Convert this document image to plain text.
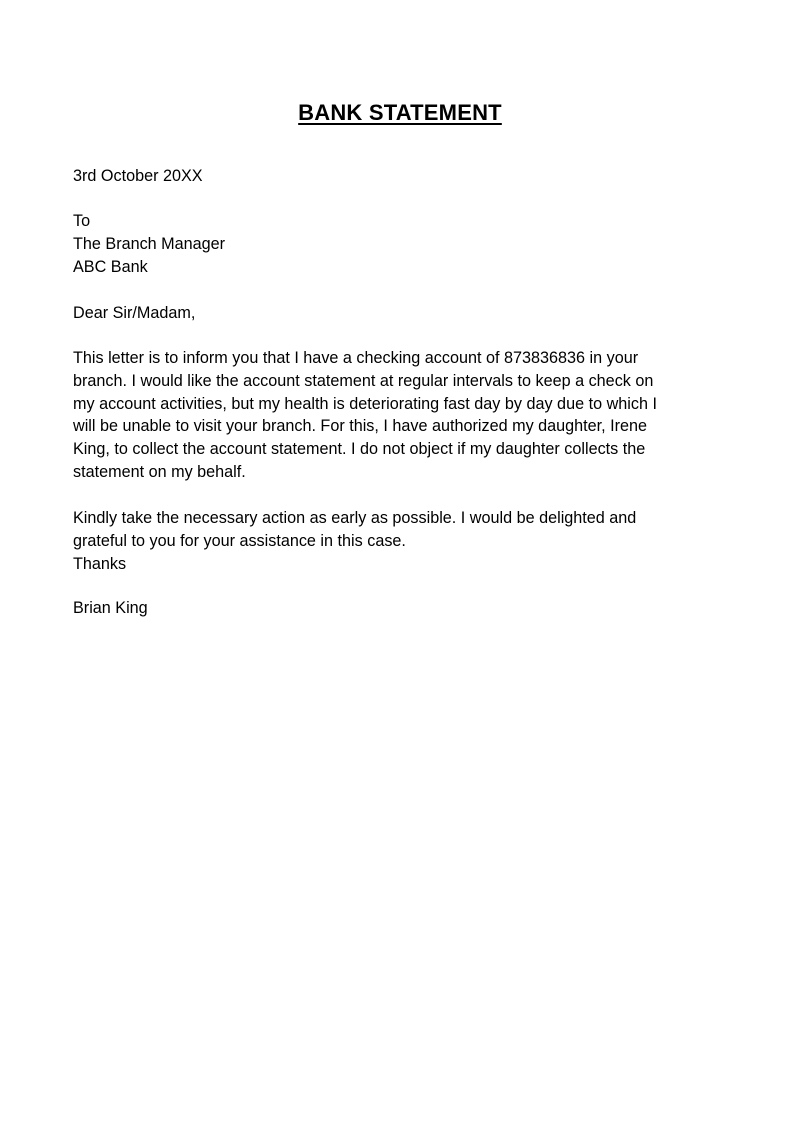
BANK STATEMENT
3rd October 20XX
To
The Branch Manager
ABC Bank
Dear Sir/Madam,
This letter is to inform you that I have a checking account of 873836836 in your
branch. I would like the account statement at regular intervals to keep a check on
my account activities, but my health is deteriorating fast day by day due to which I
will be unable to visit your branch. For this, I have authorized my daughter, Irene
King, to collect the account statement. I do not object if my daughter collects the
statement on my behalf.
Kindly take the necessary action as early as possible. I would be delighted and
grateful to you for your assistance in this case.
Thanks
Brian King
